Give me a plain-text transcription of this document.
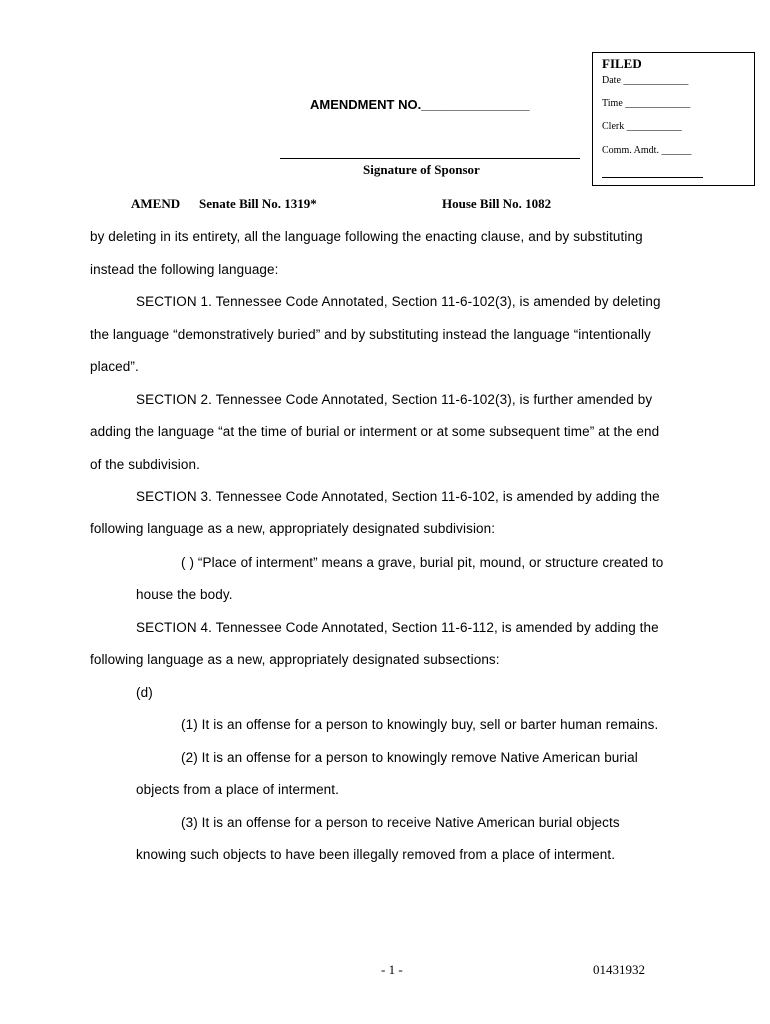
FILED
Date _____________
Time _____________
Clerk ___________
Comm. Amdt. ______
AMENDMENT NO._______________
Signature of Sponsor
AMEND Senate Bill No. 1319*	House Bill No. 1082
by deleting in its entirety, all the language following the enacting clause, and by substituting
instead the following language:
SECTION 1. Tennessee Code Annotated, Section 11-6-102(3), is amended by deleting
the language “demonstratively buried” and by substituting instead the language “intentionally
placed”.
SECTION 2. Tennessee Code Annotated, Section 11-6-102(3), is further amended by
adding the language “at the time of burial or interment or at some subsequent time” at the end
of the subdivision.
SECTION 3. Tennessee Code Annotated, Section 11-6-102, is amended by adding the
following language as a new, appropriately designated subdivision:
( ) “Place of interment” means a grave, burial pit, mound, or structure created to
house the body.
SECTION 4. Tennessee Code Annotated, Section 11-6-112, is amended by adding the
following language as a new, appropriately designated subsections:
(d)
(1) It is an offense for a person to knowingly buy, sell or barter human remains.
(2) It is an offense for a person to knowingly remove Native American burial
objects from a place of interment.
(3) It is an offense for a person to receive Native American burial objects
knowing such objects to have been illegally removed from a place of interment.
- 1 -	01431932
